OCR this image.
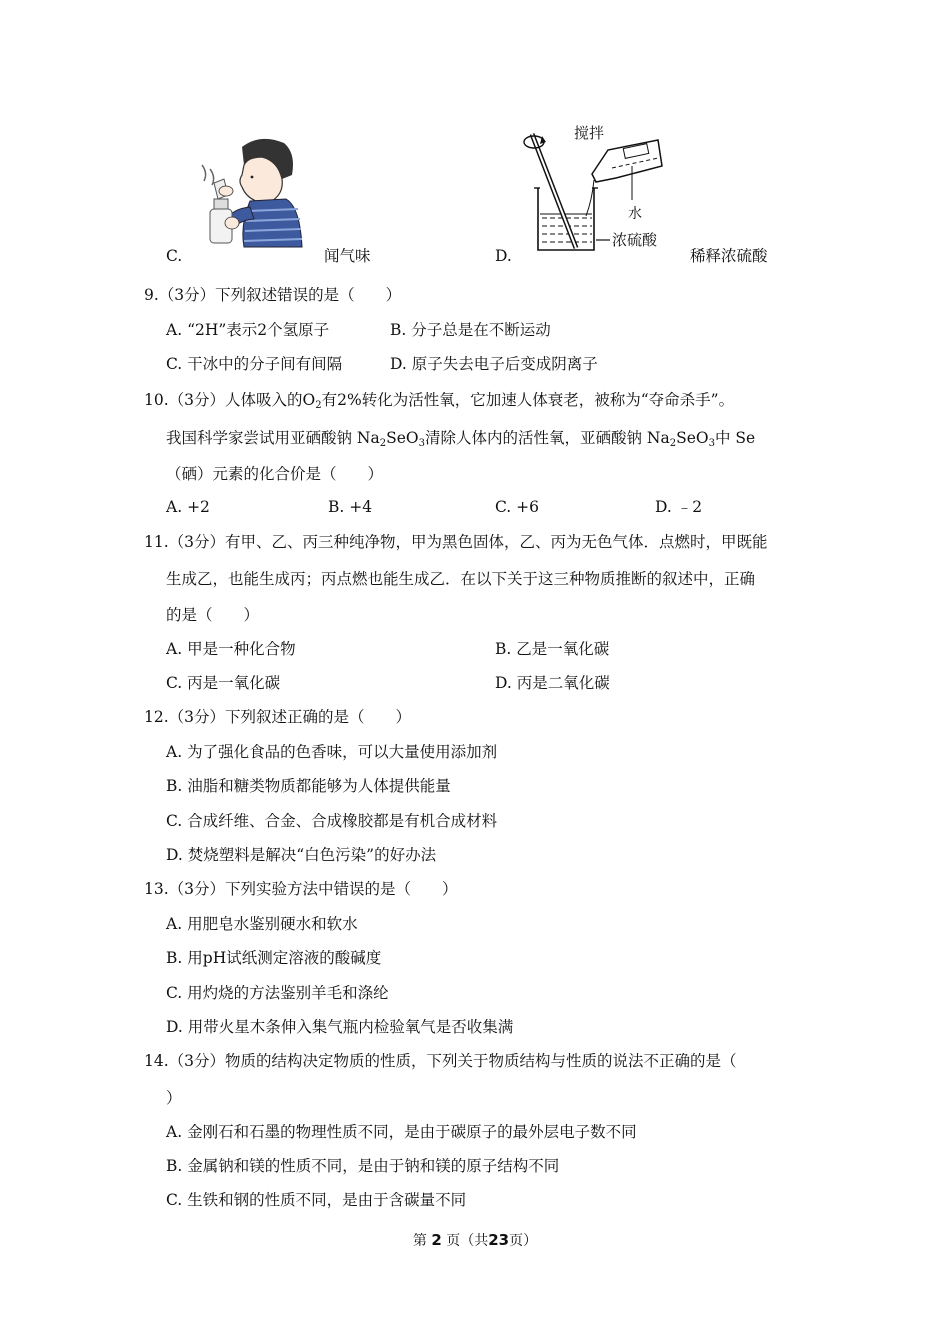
搅拌
水
浓硫酸
C.	闻气味	D.	稀释浓硫酸
9.（3分）下列叙述错误的是（　　）
A. “2H”表示2个氢原子	B. 分子总是在不断运动
C. 干冰中的分子间有间隔	D. 原子失去电子后变成阴离子
10.（3分）人体吸入的$O_2$有2%转化为活性氧，它加速人体衰老，被称为“夺命杀手”。
我国科学家尝试用亚硒酸钠 $Na_2SeO_3$清除人体内的活性氧，亚硒酸钠 $Na_2SeO_3$中 Se
（硒）元素的化合价是（　　）
A. +2	B. +4	C. +6	D. ﹣2
11.（3分）有甲、乙、丙三种纯净物，甲为黑色固体，乙、丙为无色气体．点燃时，甲既能
生成乙，也能生成丙；丙点燃也能生成乙．在以下关于这三种物质推断的叙述中，正确
的是（　　）
A. 甲是一种化合物	B. 乙是一氧化碳
C. 丙是一氧化碳	D. 丙是二氧化碳
12.（3分）下列叙述正确的是（　　）
A. 为了强化食品的色香味，可以大量使用添加剂
B. 油脂和糖类物质都能够为人体提供能量
C. 合成纤维、合金、合成橡胶都是有机合成材料
D. 焚烧塑料是解决“白色污染”的好办法
13.（3分）下列实验方法中错误的是（　　）
A. 用肥皂水鉴别硬水和软水
B. 用pH试纸测定溶液的酸碱度
C. 用灼烧的方法鉴别羊毛和涤纶
D. 用带火星木条伸入集气瓶内检验氧气是否收集满
14.（3分）物质的结构决定物质的性质，下列关于物质结构与性质的说法不正确的是（
）
A. 金刚石和石墨的物理性质不同，是由于碳原子的最外层电子数不同
B. 金属钠和镁的性质不同，是由于钠和镁的原子结构不同
C. 生铁和钢的性质不同，是由于含碳量不同
第 2 页（共23页）
